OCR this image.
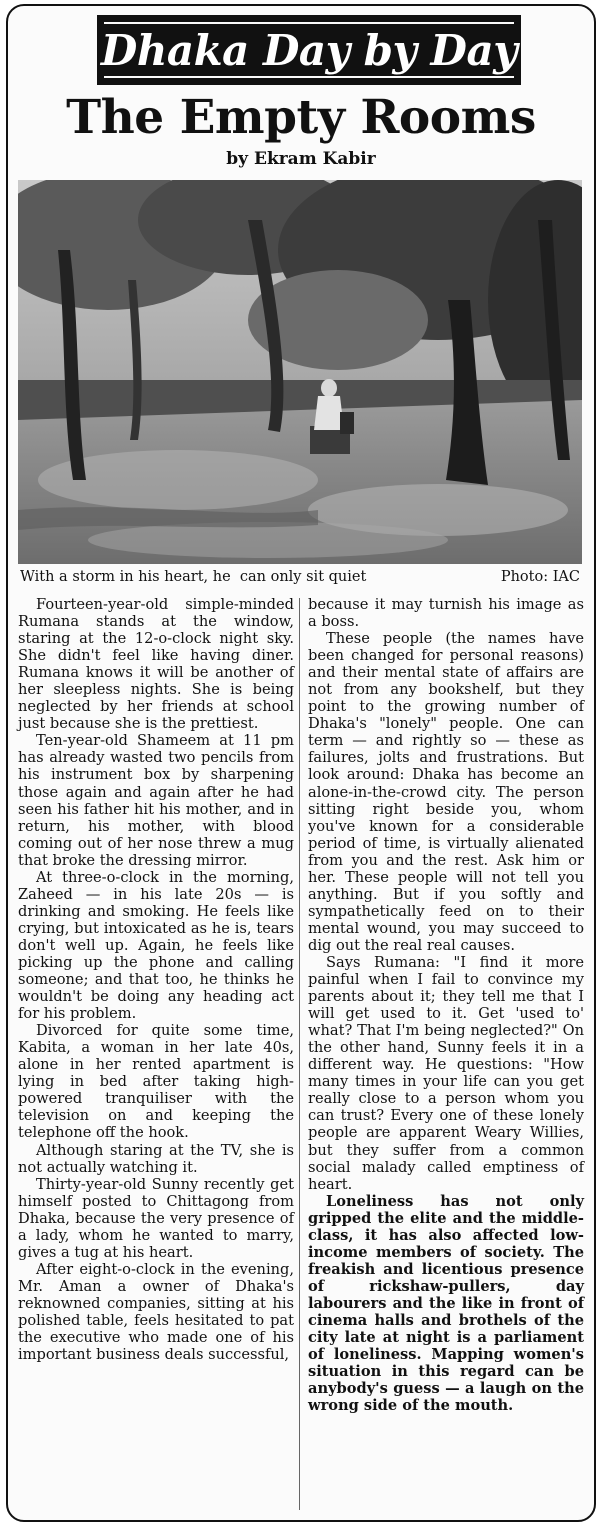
Dhaka Day by Day
The Empty Rooms
by Ekram Kabir
With a storm in his heart, he  can only sit quiet	Photo: IAC

Fourteen-year-old simple-minded Rumana stands at the window, staring at the 12-o-clock night sky. She didn't feel like having diner. Rumana knows it will be another of her sleepless nights. She is being neglected by her friends at school just because she is the prettiest.

Ten-year-old Shameem at 11 pm has already wasted two pencils from his instrument box by sharpening those again and again after he had seen his father hit his mother, and in return, his mother, with blood coming out of her nose threw a mug that broke the dressing mirror.

At three-o-clock in the morning, Zaheed — in his late 20s — is drinking and smoking. He feels like crying, but intoxicated as he is, tears don't well up. Again, he feels like picking up the phone and calling someone; and that too, he thinks he wouldn't be doing any heading act for his problem.

Divorced for quite some time, Kabita, a woman in her late 40s, alone in her rented apartment is lying in bed after taking high-powered tranquiliser with the television on and keeping the telephone off the hook.

Although staring at the TV, she is not actually watching it.

Thirty-year-old Sunny recently get himself posted to Chittagong from Dhaka, because the very presence of a lady, whom he wanted to marry, gives a tug at his heart.

After eight-o-clock in the evening, Mr. Aman a owner of Dhaka's reknowned companies, sitting at his polished table, feels hesitated to pat the executive who made one of his important business deals successful,

because it may turnish his image as a boss.

These people (the names have been changed for personal reasons) and their mental state of affairs are not from any bookshelf, but they point to the growing number of Dhaka's "lonely" people. One can term — and rightly so — these as failures, jolts and frustrations. But look around: Dhaka has become an alone-in-the-crowd city. The person sitting right beside you, whom you've known for a considerable period of time, is virtually alienated from you and the rest. Ask him or her. These people will not tell you anything. But if you softly and sympathetically feed on to their mental wound, you may succeed to dig out the real real causes.

Says Rumana: "I find it more painful when I fail to convince my parents about it; they tell me that I will get used to it. Get 'used to' what? That I'm being neglected?" On the other hand, Sunny feels it in a different way. He questions: "How many times in your life can you get really close to a person whom you can trust? Every one of these lonely people are apparent Weary Willies, but they suffer from a common social malady called emptiness of heart.

Loneliness has not only gripped the elite and the middle-class, it has also affected low-income members of society. The freakish and licentious presence of rickshaw-pullers, day labourers and the like in front of cinema halls and brothels of the city late at night is a parliament of loneliness. Mapping women's situation in this regard can be anybody's guess — a laugh on the wrong side of the mouth.
